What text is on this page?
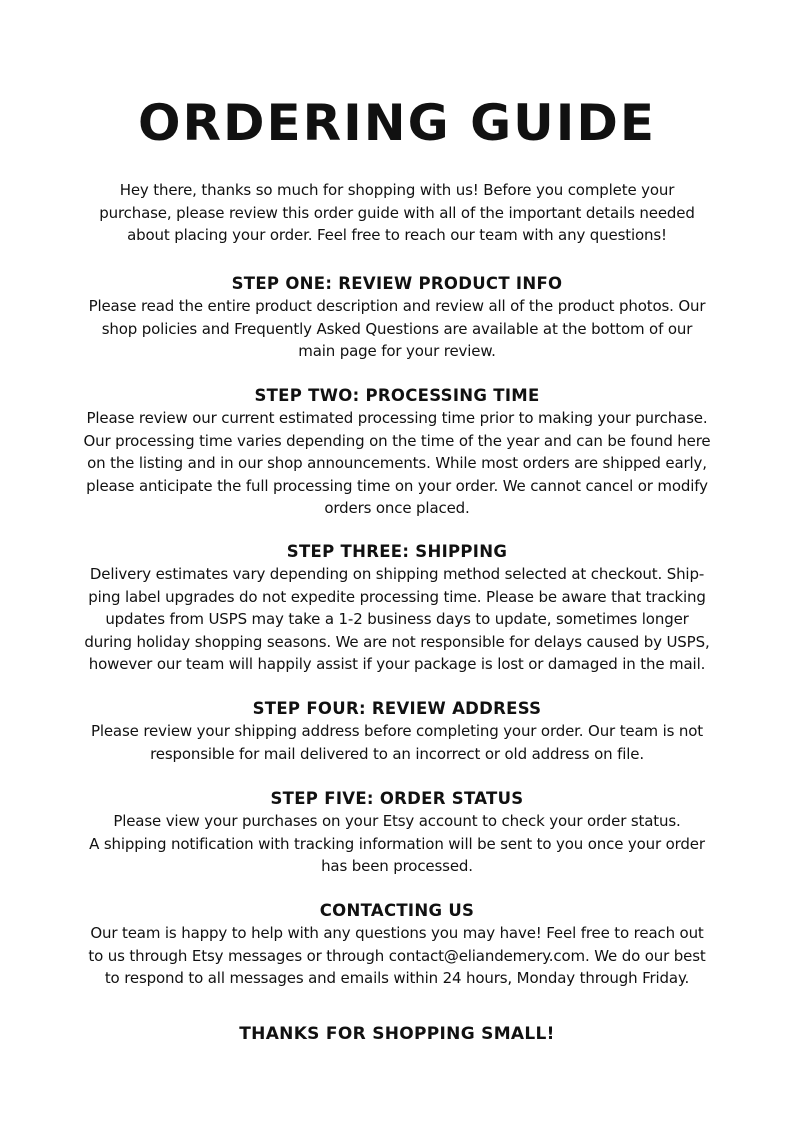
ORDERING GUIDE

Hey there, thanks so much for shopping with us! Before you complete your

purchase, please review this order guide with all of the important details needed

about placing your order. Feel free to reach our team with any questions!

STEP ONE: REVIEW PRODUCT INFO

Please read the entire product description and review all of the product photos. Our

shop policies and Frequently Asked Questions are available at the bottom of our

main page for your review.

STEP TWO: PROCESSING TIME

Please review our current estimated processing time prior to making your purchase.

Our processing time varies depending on the time of the year and can be found here

on the listing and in our shop announcements. While most orders are shipped early,

please anticipate the full processing time on your order. We cannot cancel or modify

orders once placed.

STEP THREE: SHIPPING

Delivery estimates vary depending on shipping method selected at checkout. Ship-

ping label upgrades do not expedite processing time. Please be aware that tracking

updates from USPS may take a 1-2 business days to update, sometimes longer

during holiday shopping seasons. We are not responsible for delays caused by USPS,

however our team will happily assist if your package is lost or damaged in the mail.

STEP FOUR: REVIEW ADDRESS

Please review your shipping address before completing your order. Our team is not

responsible for mail delivered to an incorrect or old address on file.

STEP FIVE: ORDER STATUS

Please view your purchases on your Etsy account to check your order status.

A shipping notification with tracking information will be sent to you once your order

has been processed.

CONTACTING US

Our team is happy to help with any questions you may have! Feel free to reach out

to us through Etsy messages or through contact@eliandemery.com. We do our best

to respond to all messages and emails within 24 hours, Monday through Friday.

THANKS FOR SHOPPING SMALL!
